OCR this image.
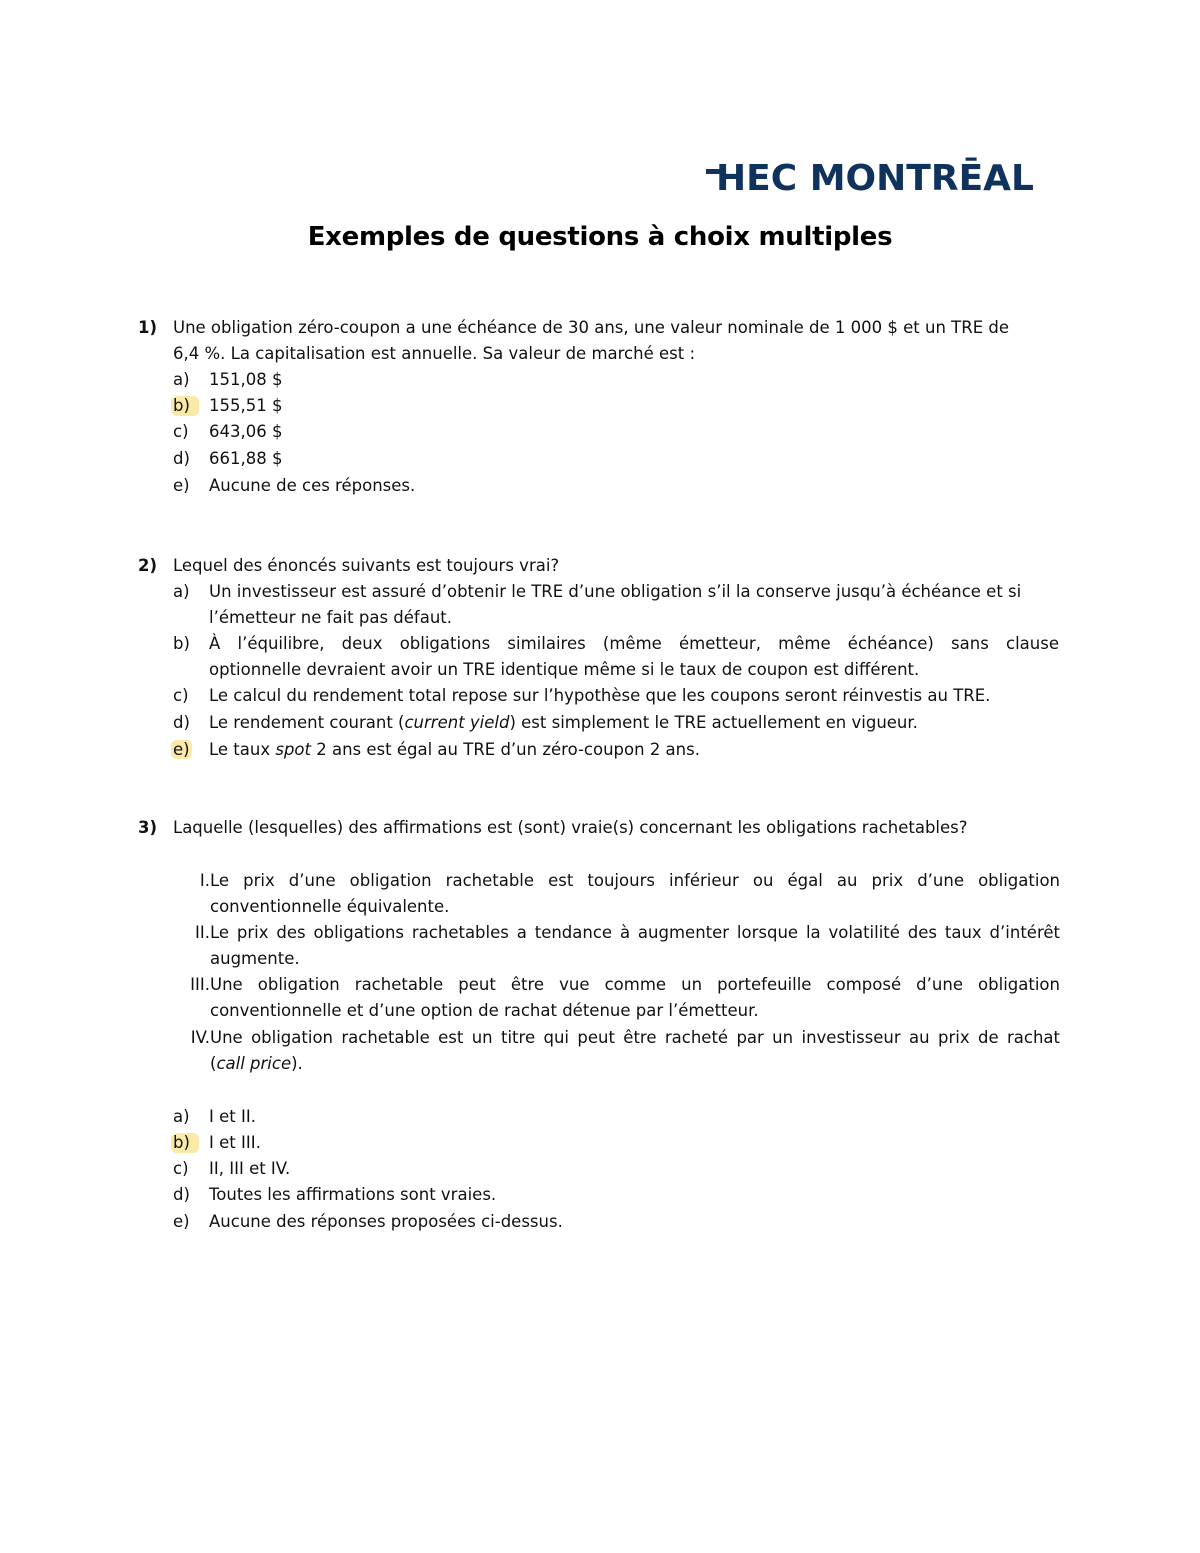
HEC MONTRĒAL
Exemples de questions à choix multiples
1) Une obligation zéro-coupon a une échéance de 30 ans, une valeur nominale de 1 000 $ et un TRE de
6,4 %. La capitalisation est annuelle. Sa valeur de marché est :
a)	151,08 $
b)	155,51 $
c)	643,06 $
d)	661,88 $
e)	Aucune de ces réponses.
2) Lequel des énoncés suivants est toujours vrai?
a) Un investisseur est assuré d’obtenir le TRE d’une obligation s’il la conserve jusqu’à échéance et si
l’émetteur ne fait pas défaut.
b) À l’équilibre, deux obligations similaires (même émetteur, même échéance) sans clause
optionnelle devraient avoir un TRE identique même si le taux de coupon est différent.
c) Le calcul du rendement total repose sur l’hypothèse que les coupons seront réinvestis au TRE.
d) Le rendement courant (current yield) est simplement le TRE actuellement en vigueur.
e) Le taux spot 2 ans est égal au TRE d’un zéro-coupon 2 ans.
3) Laquelle (lesquelles) des affirmations est (sont) vraie(s) concernant les obligations rachetables?
I. Le prix d’une obligation rachetable est toujours inférieur ou égal au prix d’une obligation
conventionnelle équivalente.
II. Le prix des obligations rachetables a tendance à augmenter lorsque la volatilité des taux d’intérêt
augmente.
III. Une obligation rachetable peut être vue comme un portefeuille composé d’une obligation
conventionnelle et d’une option de rachat détenue par l’émetteur.
IV. Une obligation rachetable est un titre qui peut être racheté par un investisseur au prix de rachat
(call price).
a)	I et II.
b)	I et III.
c)	II, III et IV.
d)	Toutes les affirmations sont vraies.
e)	Aucune des réponses proposées ci-dessus.
